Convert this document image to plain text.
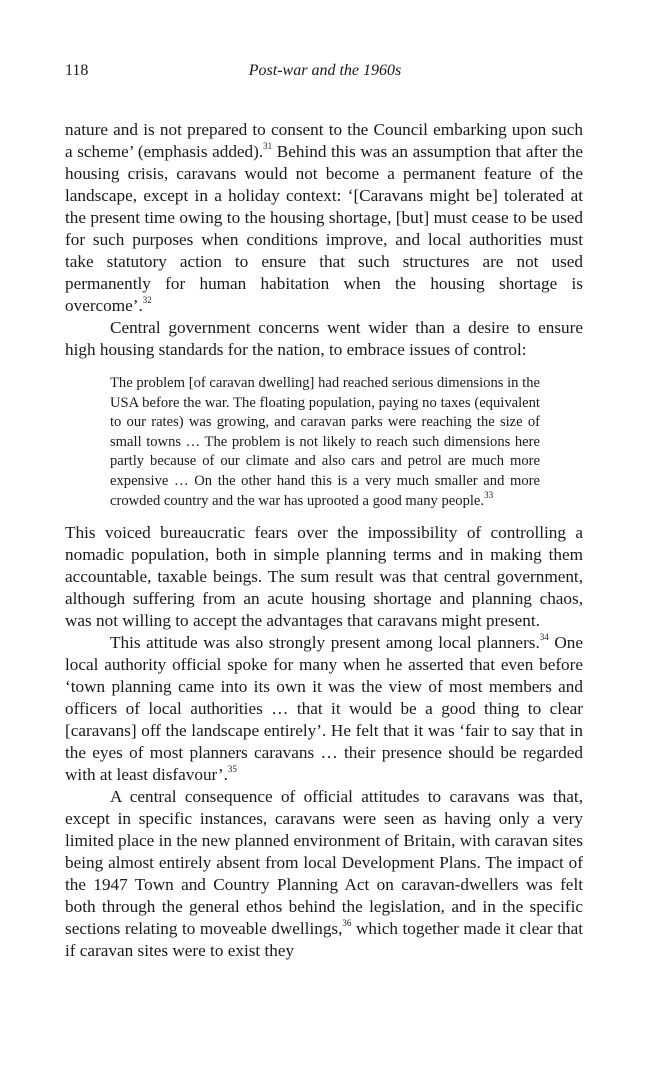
118	Post-war and the 1960s

nature and is not prepared to consent to the Council embarking upon such a scheme’ (emphasis added).$^{31}$ Behind this was an assumption that after the housing crisis, caravans would not become a permanent feature of the landscape, except in a holiday context: ‘[Caravans might be] tolerated at the present time owing to the housing shortage, [but] must cease to be used for such purposes when conditions improve, and local authorities must take statutory action to ensure that such structures are not used permanently for human habitation when the housing shortage is overcome’.$^{32}$

Central government concerns went wider than a desire to ensure high housing standards for the nation, to embrace issues of control:

The problem [of caravan dwelling] had reached serious dimensions in the USA before the war. The floating population, paying no taxes (equivalent to our rates) was growing, and caravan parks were reaching the size of small towns … The problem is not likely to reach such dimensions here partly because of our climate and also cars and petrol are much more expensive … On the other hand this is a very much smaller and more crowded country and the war has uprooted a good many people.$^{33}$

This voiced bureaucratic fears over the impossibility of controlling a nomadic population, both in simple planning terms and in making them accountable, taxable beings. The sum result was that central government, although suffering from an acute housing shortage and planning chaos, was not willing to accept the advantages that caravans might present.

This attitude was also strongly present among local planners.$^{34}$ One local authority official spoke for many when he asserted that even before ‘town planning came into its own it was the view of most members and officers of local authorities … that it would be a good thing to clear [caravans] off the landscape entirely’. He felt that it was ‘fair to say that in the eyes of most planners caravans … their presence should be regarded with at least disfavour’.$^{35}$

A central consequence of official attitudes to caravans was that, except in specific instances, caravans were seen as having only a very limited place in the new planned environment of Britain, with caravan sites being almost entirely absent from local Development Plans. The impact of the 1947 Town and Country Planning Act on caravan-dwellers was felt both through the general ethos behind the legislation, and in the specific sections relating to moveable dwellings,$^{36}$ which together made it clear that if caravan sites were to exist they
